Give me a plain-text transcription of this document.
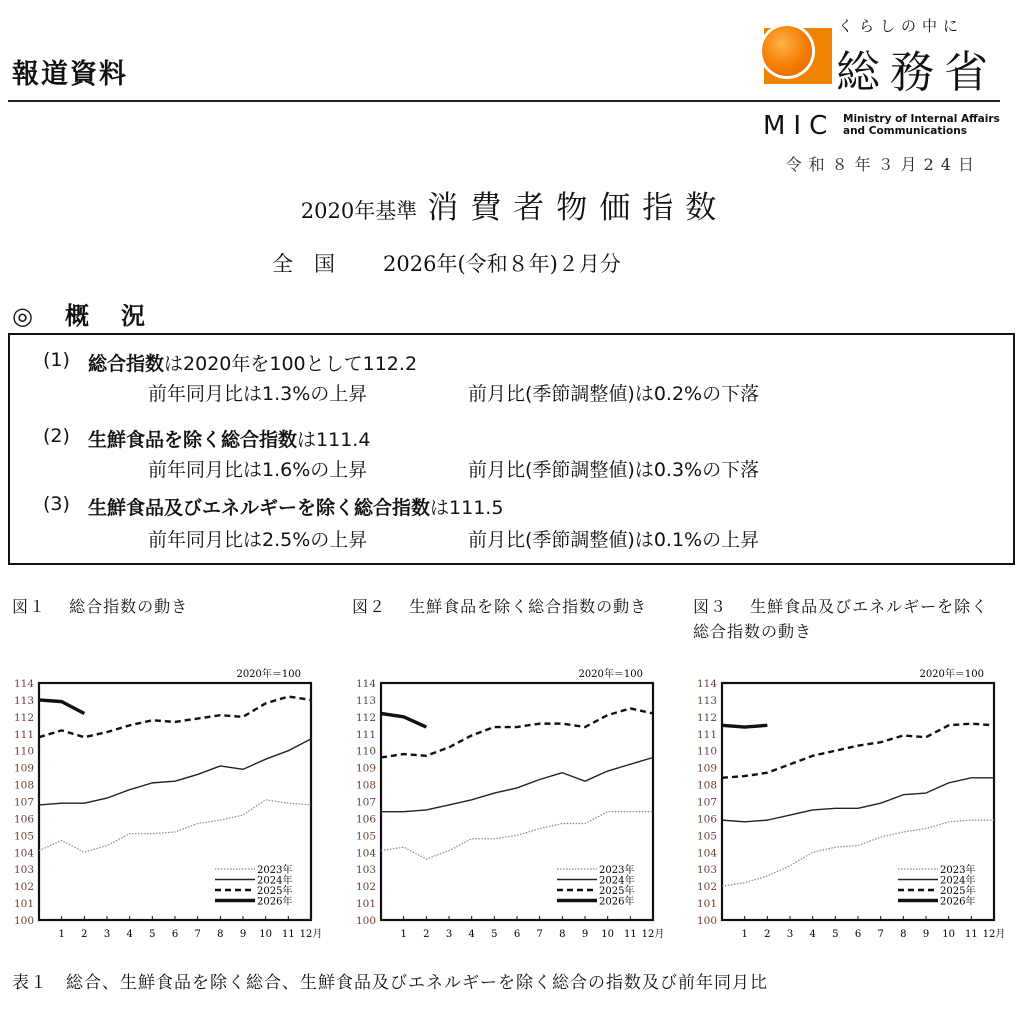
報道資料
くらしの中に
総務省
MIC Ministry of Internal Affairs
and Communications
令和８年３月24日
2020年基準 消費者物価指数
全　国 2026年(令和８年)２月分
◎　概　況
(1) 総合指数は2020年を100として112.2
前年同月比は1.3%の上昇	前月比(季節調整値)は0.2%の下落
(2) 生鮮食品を除く総合指数は111.4
前年同月比は1.6%の上昇	前月比(季節調整値)は0.3%の下落
(3) 生鮮食品及びエネルギーを除く総合指数は111.5
前年同月比は2.5%の上昇	前月比(季節調整値)は0.1%の上昇
図１　 総合指数の動き	図２　 生鮮食品を除く総合指数の動き	図３　 生鮮食品及びエネルギーを除く総合指数の動き
2020年＝100
100
101
102
103
104
105
106
107
108
109
110
111
112
113
114
1 2 3 4 5 6 7 8 9 10 11 12月
2023年
2024年
2025年
2026年
2020年＝100
100
101
102
103
104
105
106
107
108
109
110
111
112
113
114
1 2 3 4 5 6 7 8 9 10 11 12月
2023年
2024年
2025年
2026年
2020年＝100
100
101
102
103
104
105
106
107
108
109
110
111
112
113
114
1 2 3 4 5 6 7 8 9 10 11 12月
2023年
2024年
2025年
2026年
表１　総合、生鮮食品を除く総合、生鮮食品及びエネルギーを除く総合の指数及び前年同月比
